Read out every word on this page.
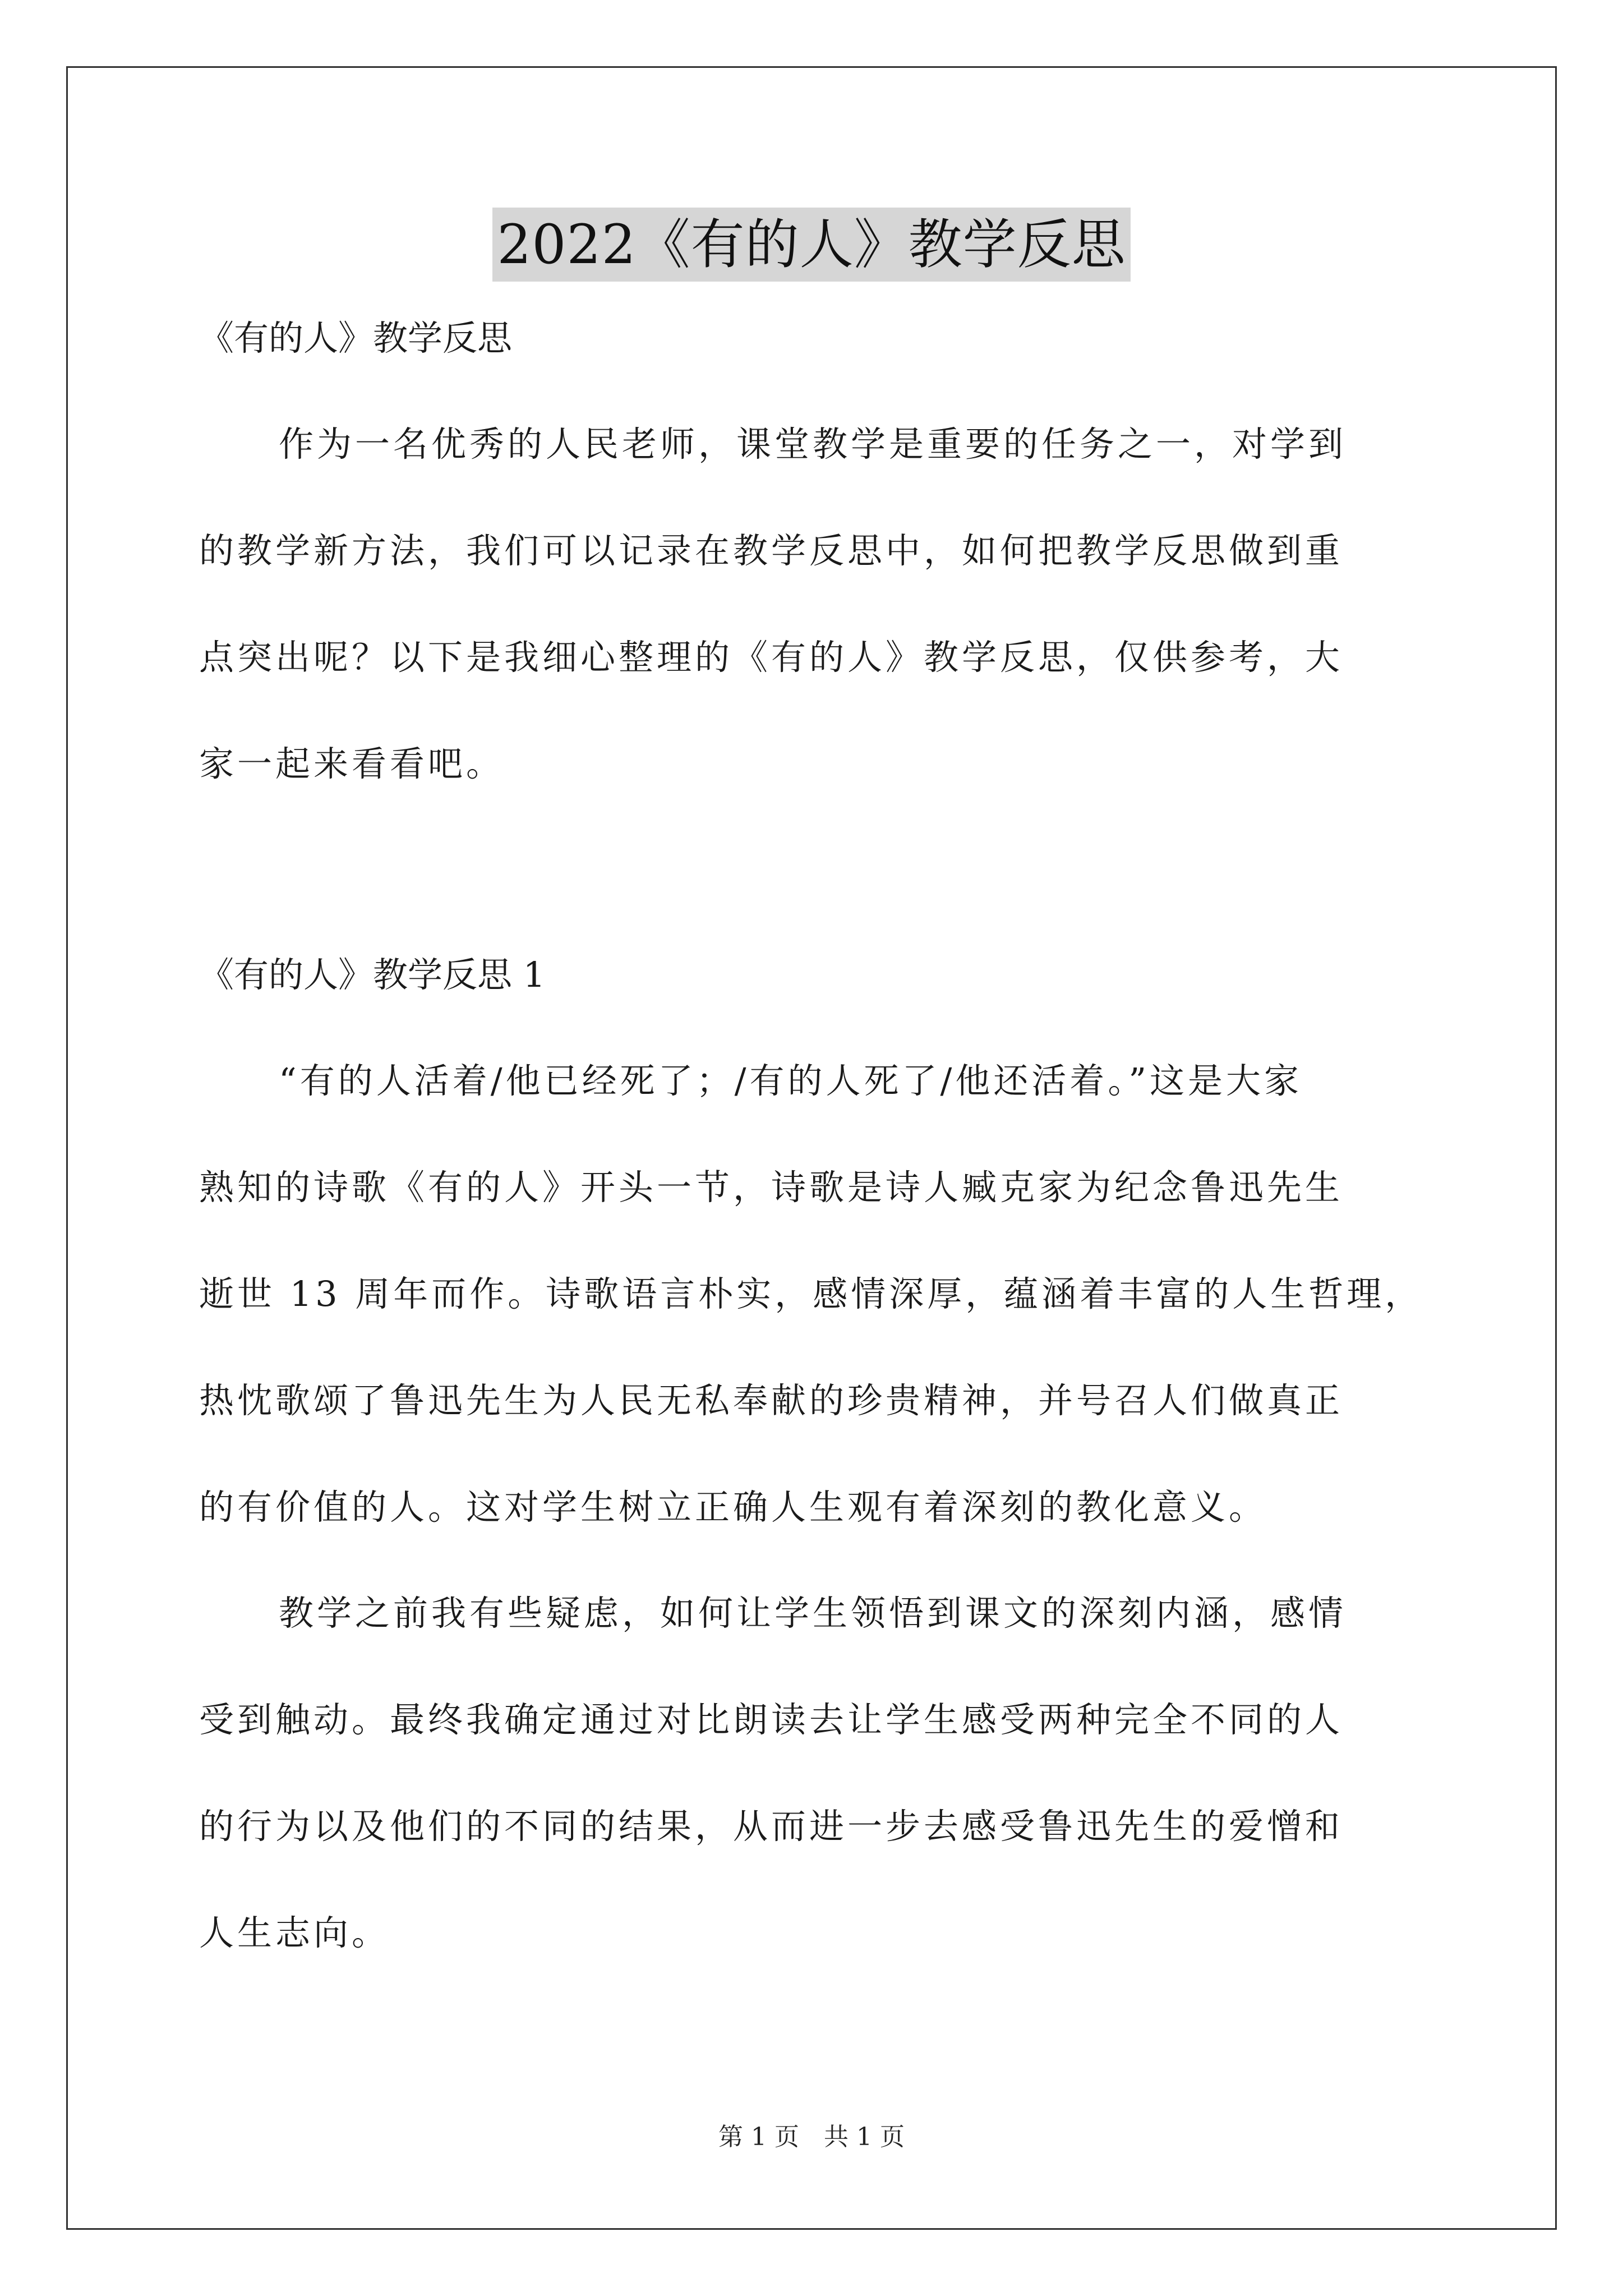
2022《有的人》教学反思

《有的人》教学反思

作为一名优秀的人民老师，课堂教学是重要的任务之一，对学到
的教学新方法，我们可以记录在教学反思中，如何把教学反思做到重
点突出呢？以下是我细心整理的《有的人》教学反思，仅供参考，大
家一起来看看吧。

《有的人》教学反思 1

“有的人活着/他已经死了；/有的人死了/他还活着。”这是大家
熟知的诗歌《有的人》开头一节，诗歌是诗人臧克家为纪念鲁迅先生
逝世 13 周年而作。诗歌语言朴实，感情深厚，蕴涵着丰富的人生哲理，
热忱歌颂了鲁迅先生为人民无私奉献的珍贵精神，并号召人们做真正
的有价值的人。这对学生树立正确人生观有着深刻的教化意义。
教学之前我有些疑虑，如何让学生领悟到课文的深刻内涵，感情
受到触动。最终我确定通过对比朗读去让学生感受两种完全不同的人
的行为以及他们的不同的结果，从而进一步去感受鲁迅先生的爱憎和
人生志向。
第 1 页　共 1 页
